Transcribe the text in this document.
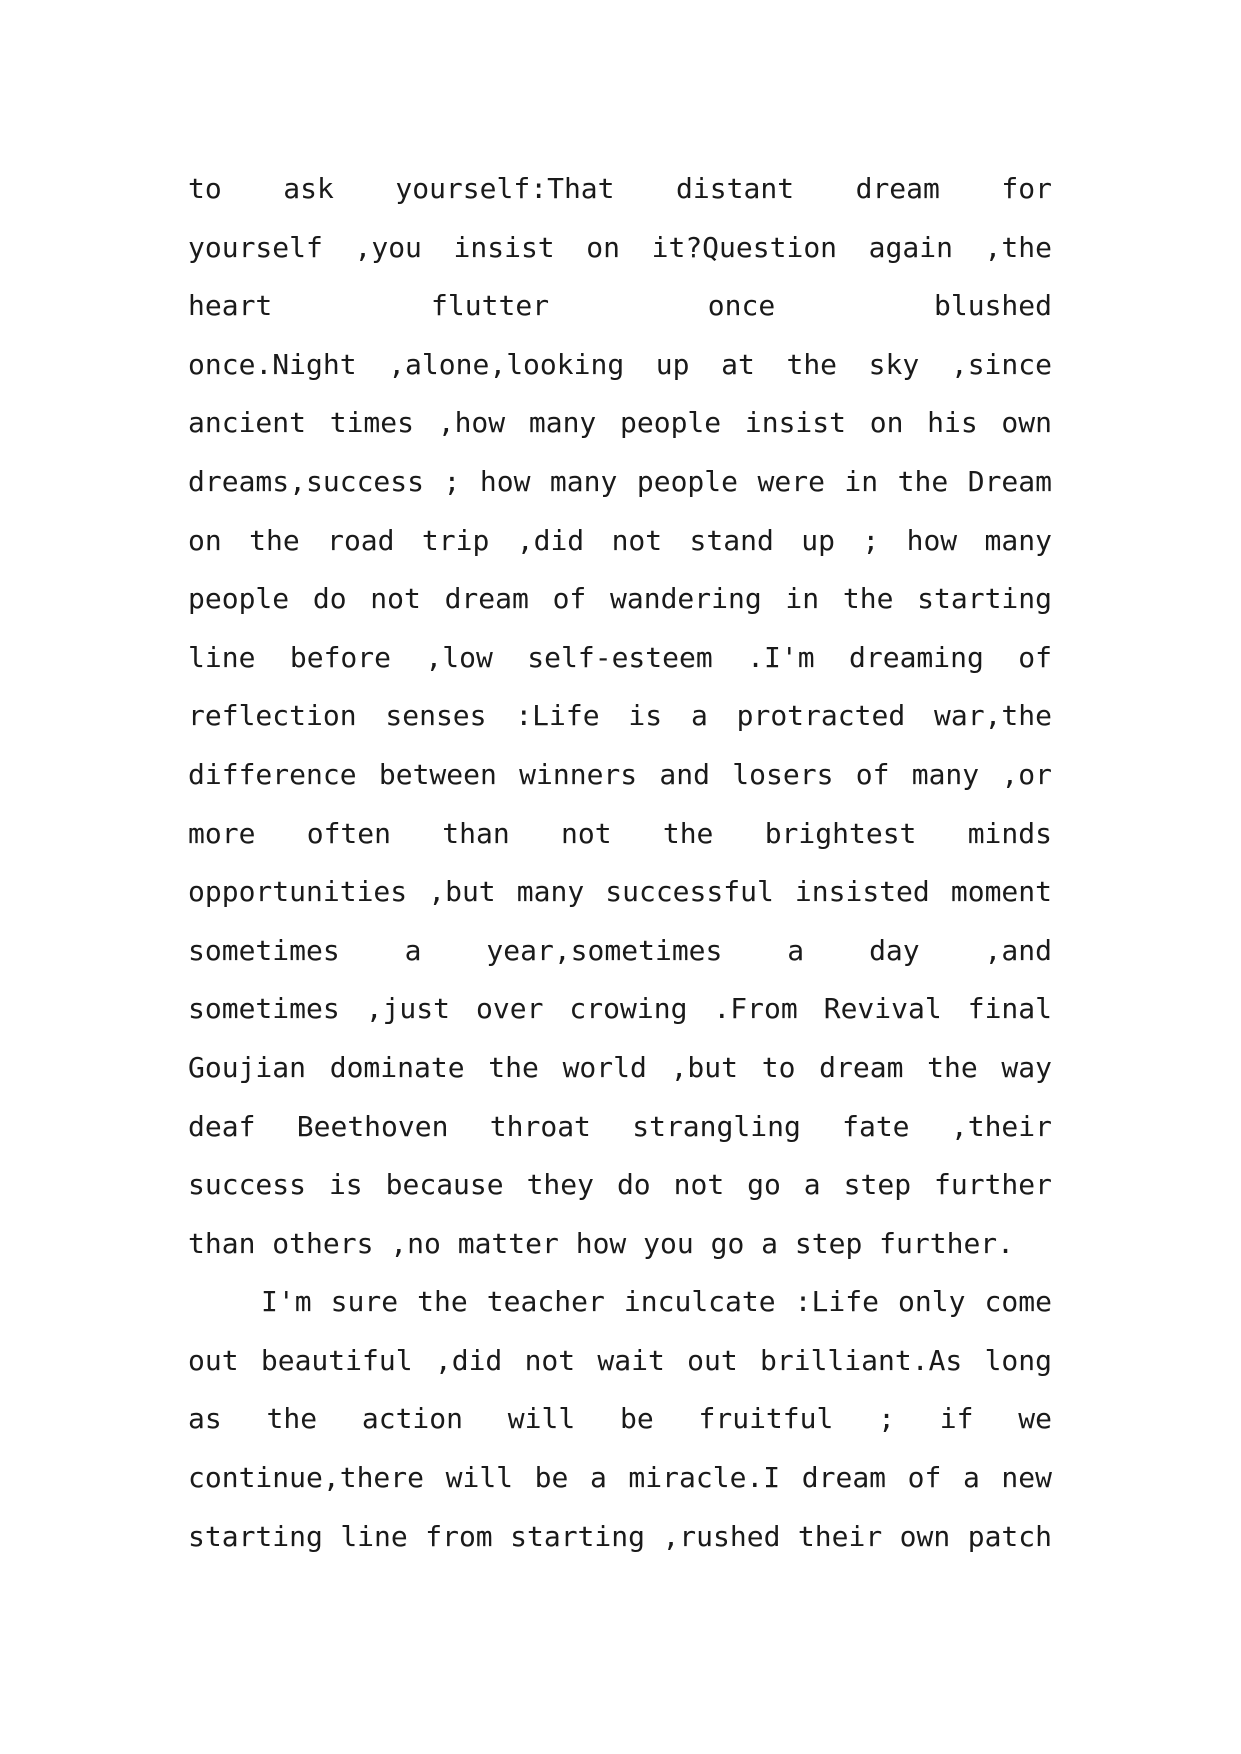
to ask yourself:That distant dream for
yourself ,you insist on it?Question again ,the
heart flutter once blushed
once.Night ,alone,looking up at the sky ,since
ancient times ,how many people insist on his own
dreams,success ; how many people were in the Dream
on the road trip ,did not stand up ; how many
people do not dream of wandering in the starting
line before ,low self-esteem .I'm dreaming of
reflection senses :Life is a protracted war,the
difference between winners and losers of many ,or
more often than not the brightest minds
opportunities ,but many successful insisted moment
sometimes a year,sometimes a day ,and
sometimes ,just over crowing .From Revival final
Goujian dominate the world ,but to dream the way
deaf Beethoven throat strangling fate ,their
success is because they do not go a step further
than others ,no matter how you go a step further.
I'm sure the teacher inculcate :Life only come
out beautiful ,did not wait out brilliant.As long
as the action will be fruitful ; if we
continue,there will be a miracle.I dream of a new
starting line from starting ,rushed their own patch
